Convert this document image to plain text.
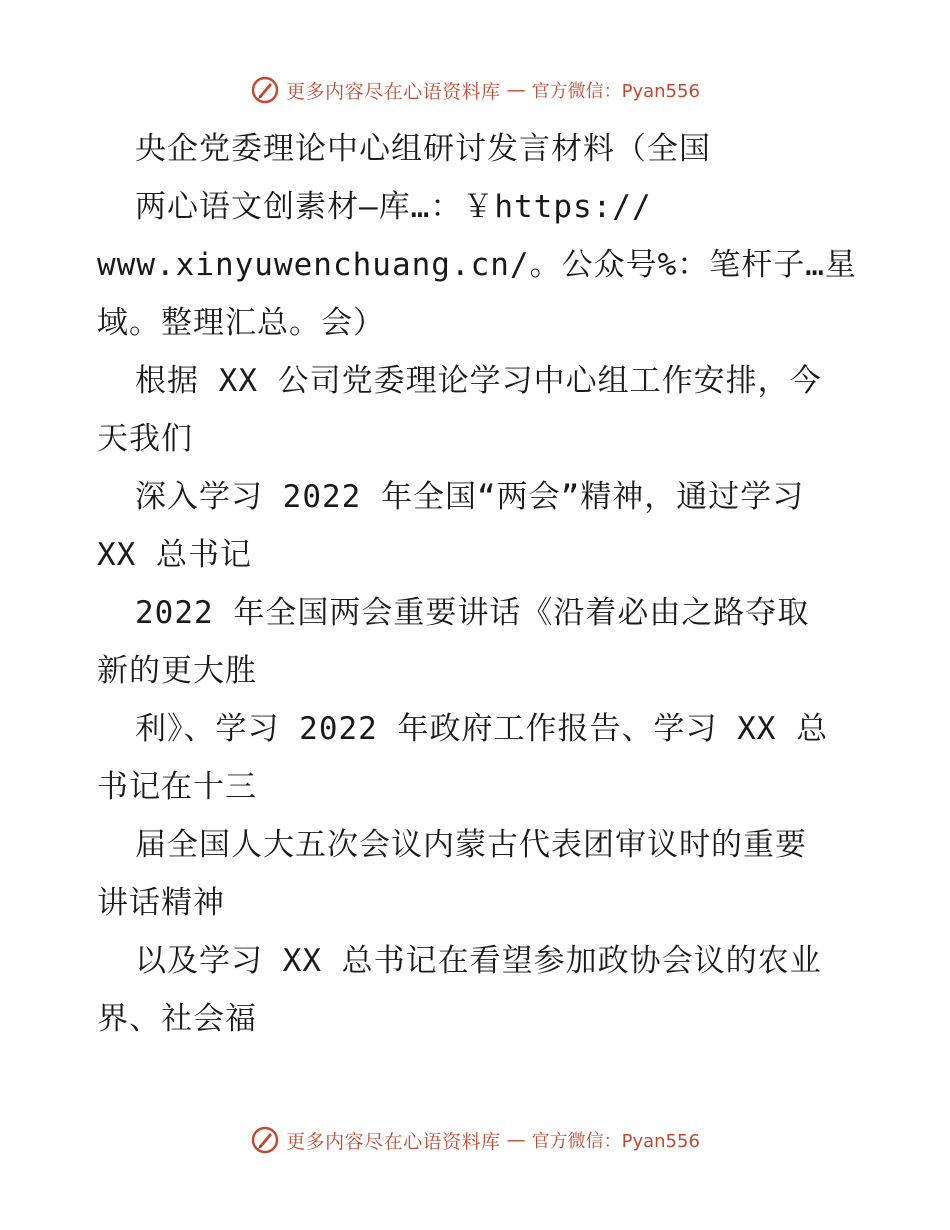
更多内容尽在心语资料库 — 官方微信：Pyan556
央企党委理论中心组研讨发言材料（全国
两心语文创素材—库…：￥https://
www.xinyuwenchuang.cn/。公众号%：笔杆子…星
域。整理汇总。会）
根据 XX 公司党委理论学习中心组工作安排，今
天我们
深入学习 2022 年全国“两会”精神，通过学习
XX 总书记
2022 年全国两会重要讲话《沿着必由之路夺取
新的更大胜
利》、学习 2022 年政府工作报告、学习 XX 总
书记在十三
届全国人大五次会议内蒙古代表团审议时的重要
讲话精神
以及学习 XX 总书记在看望参加政协会议的农业
界、社会福
更多内容尽在心语资料库 — 官方微信：Pyan556
